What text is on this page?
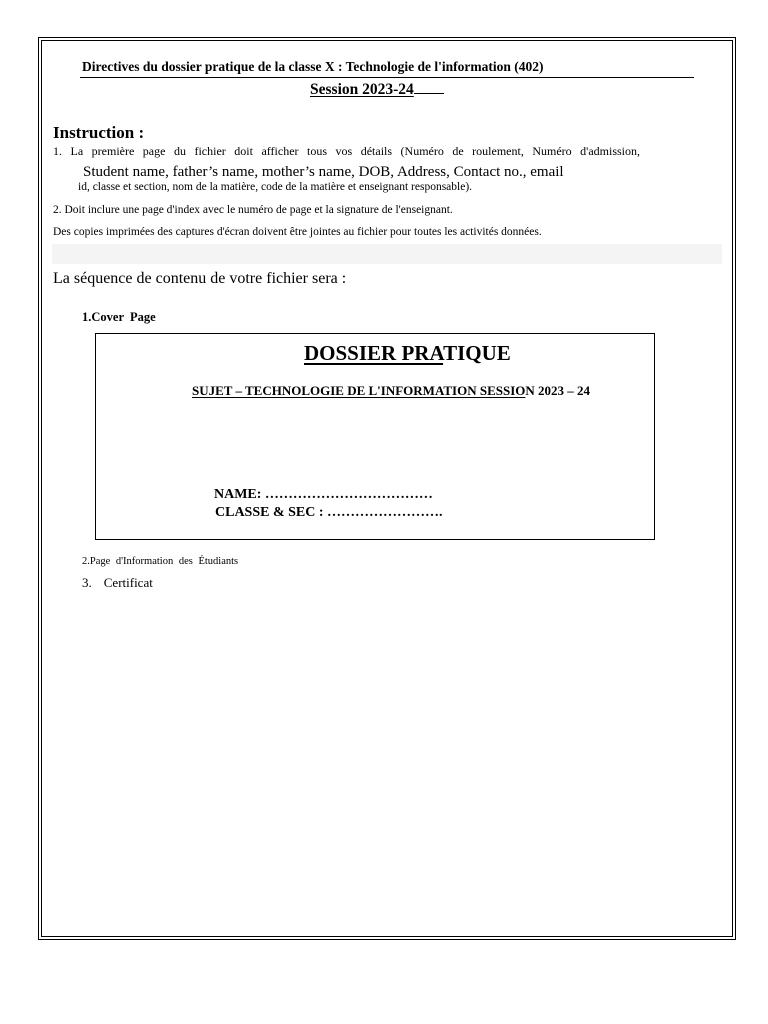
Directives du dossier pratique de la classe X : Technologie de l'information (402)
Session 2023-24
Instruction :
1. La première page du fichier doit afficher tous vos détails (Numéro de roulement, Numéro d'admission,
Student name, father’s name, mother’s name, DOB, Address, Contact no., email
id, classe et section, nom de la matière, code de la matière et enseignant responsable).
2. Doit inclure une page d'index avec le numéro de page et la signature de l'enseignant.
Des copies imprimées des captures d'écran doivent être jointes au fichier pour toutes les activités données.
La séquence de contenu de votre fichier sera :
1.Cover  Page
DOSSIER PRATIQUE
SUJET – TECHNOLOGIE DE L'INFORMATION SESSION 2023 – 24
NAME: ………………………………
CLASSE & SEC : …………………….
2.Page d'Information des Étudiants
3. Certificat
